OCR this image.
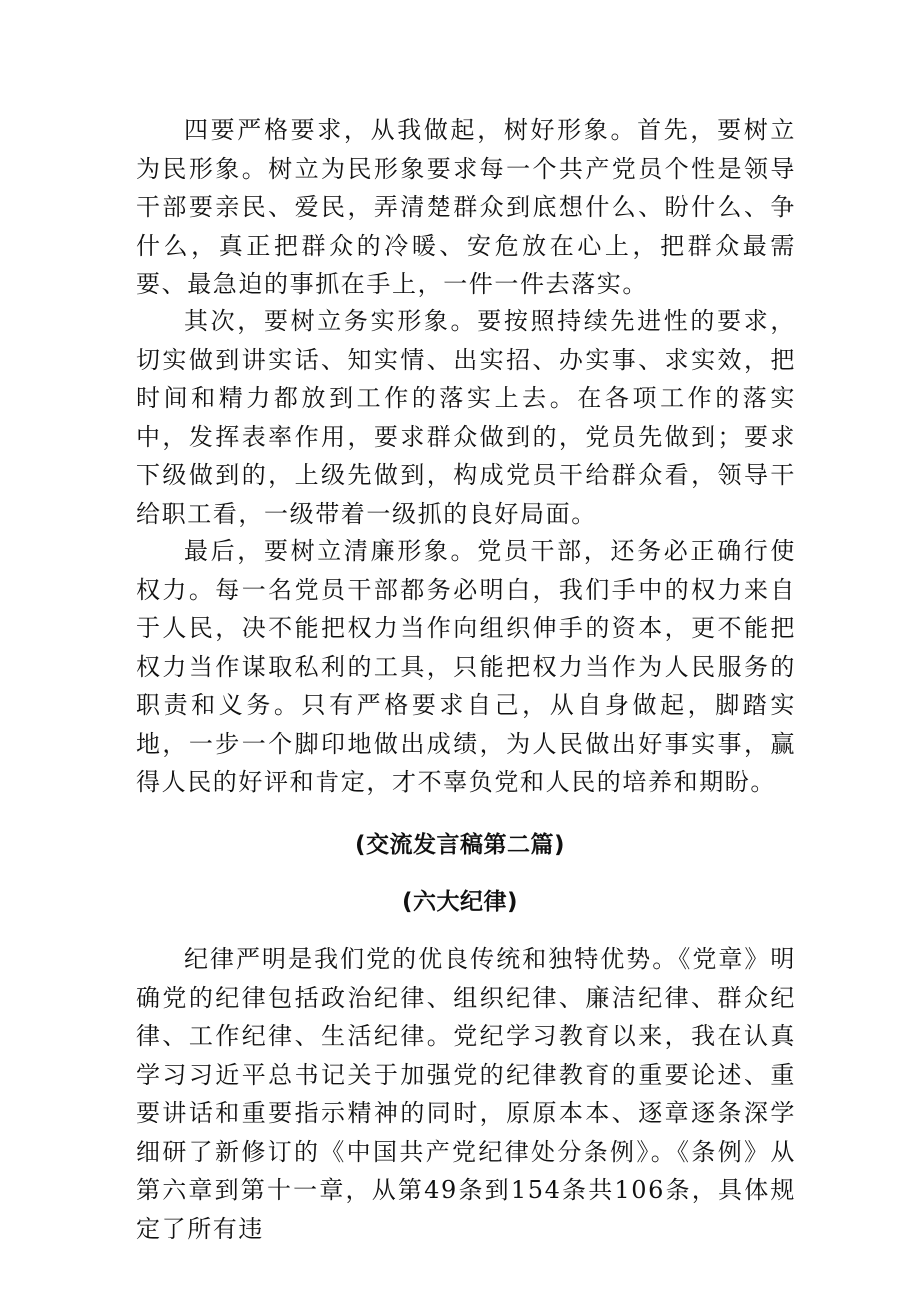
四要严格要求，从我做起，树好形象。首先，要树立为民形象。树立为民形象要求每一个共产党员个性是领导干部要亲民、爱民，弄清楚群众到底想什么、盼什么、争什么，真正把群众的冷暖、安危放在心上，把群众最需要、最急迫的事抓在手上，一件一件去落实。

其次，要树立务实形象。要按照持续先进性的要求，切实做到讲实话、知实情、出实招、办实事、求实效，把时间和精力都放到工作的落实上去。在各项工作的落实中，发挥表率作用，要求群众做到的，党员先做到；要求下级做到的，上级先做到，构成党员干给群众看，领导干给职工看，一级带着一级抓的良好局面。

最后，要树立清廉形象。党员干部，还务必正确行使权力。每一名党员干部都务必明白，我们手中的权力来自于人民，决不能把权力当作向组织伸手的资本，更不能把权力当作谋取私利的工具，只能把权力当作为人民服务的职责和义务。只有严格要求自己，从自身做起，脚踏实地，一步一个脚印地做出成绩，为人民做出好事实事，赢得人民的好评和肯定，才不辜负党和人民的培养和期盼。

(交流发言稿第二篇)
(六大纪律)

纪律严明是我们党的优良传统和独特优势。《党章》明确党的纪律包括政治纪律、组织纪律、廉洁纪律、群众纪律、工作纪律、生活纪律。党纪学习教育以来，我在认真学习习近平总书记关于加强党的纪律教育的重要论述、重要讲话和重要指示精神的同时，原原本本、逐章逐条深学细研了新修订的《中国共产党纪律处分条例》。《条例》从第六章到第十一章，从第49条到154条共106条，具体规定了所有违
